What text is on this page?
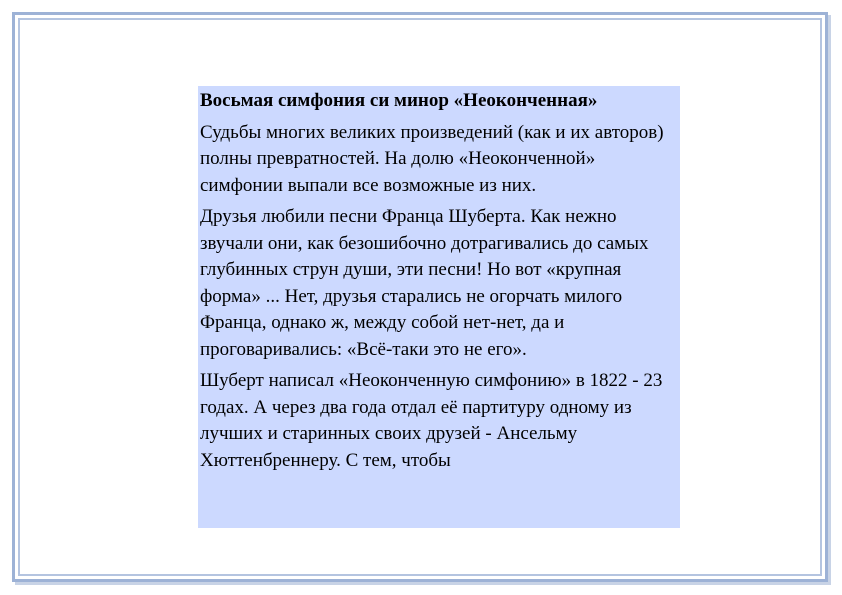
Восьмая симфония си минор «Неоконченная»
Судьбы многих великих произведений (как и их авторов) полны превратностей. На долю «Неоконченной» симфонии выпали все возможные из них.
Друзья любили песни Франца Шуберта. Как нежно звучали они, как безошибочно дотрагивались до самых глубинных струн души, эти песни! Но вот «крупная форма» ... Нет, друзья старались не огорчать милого Франца, однако ж, между собой нет-нет, да и проговаривались: «Всё-таки это не его».
Шуберт написал «Неоконченную симфонию» в 1822 - 23 годах. А через два года отдал её партитуру одному из лучших и старинных своих друзей - Ансельму Хюттенбреннеру. С тем, чтобы
